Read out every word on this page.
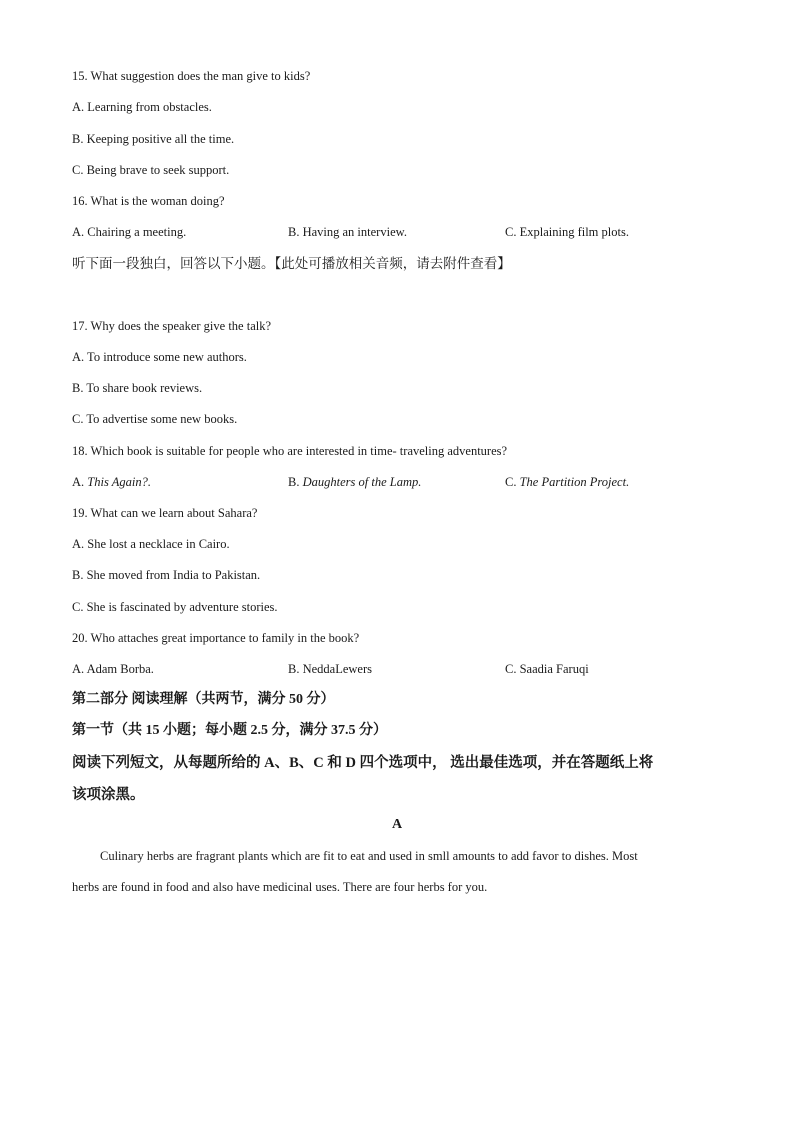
15. What suggestion does the man give to kids?
A. Learning from obstacles.
B. Keeping positive all the time.
C. Being brave to seek support.
16. What is the woman doing?
A. Chairing a meeting.	B. Having an interview.	C. Explaining film plots.
听下面一段独白，回答以下小题。【此处可播放相关音频，请去附件查看】
17. Why does the speaker give the talk?
A. To introduce some new authors.
B. To share book reviews.
C. To advertise some new books.
18. Which book is suitable for people who are interested in time- traveling adventures?
A. This Again?.	B. Daughters of the Lamp.	C. The Partition Project.
19. What can we learn about Sahara?
A. She lost a necklace in Cairo.
B. She moved from India to Pakistan.
C. She is fascinated by adventure stories.
20. Who attaches great importance to family in the book?
A. Adam Borba.	B. NeddaLewers	C. Saadia Faruqi
第二部分 阅读理解（共两节，满分 50 分）
第一节（共 15 小题；每小题 2.5 分，满分 37.5 分）
阅读下列短文，从每题所给的 A、B、C 和 D 四个选项中， 选出最佳选项，并在答题纸上将
该项涂黑。
A
Culinary herbs are fragrant plants which are fit to eat and used in smll amounts to add favor to dishes. Most
herbs are found in food and also have medicinal uses. There are four herbs for you.
